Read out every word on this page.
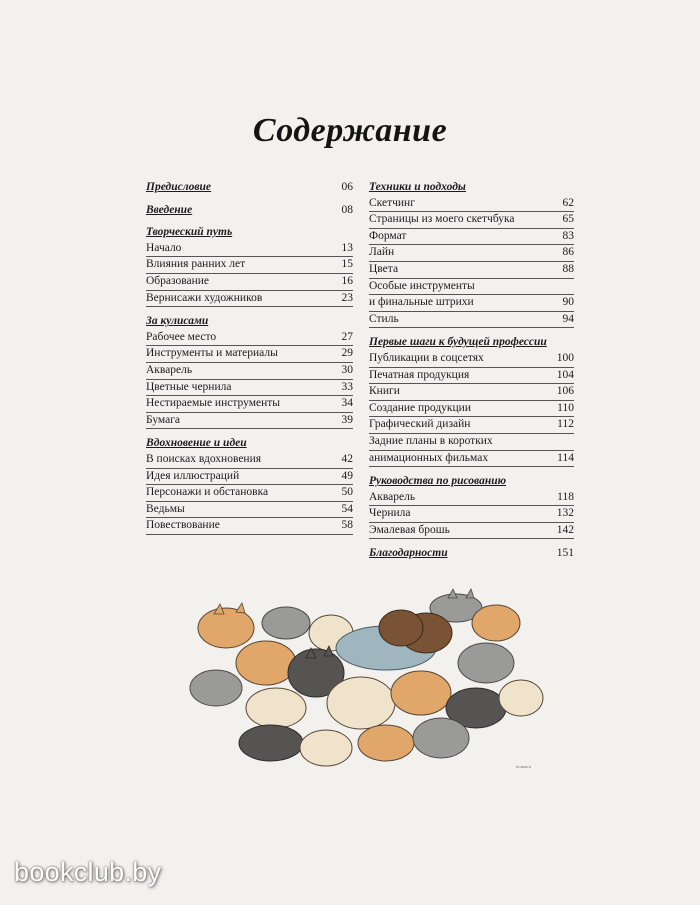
Содержание
Предисловие	06
Введение	08
Творческий путь
Начало	13
Влияния ранних лет	15
Образование	16
Вернисажи художников	23
За кулисами
Рабочее место	27
Инструменты и материалы	29
Акварель	30
Цветные чернила	33
Нестираемые инструменты	34
Бумага	39
Вдохновение и идеи
В поисках вдохновения	42
Идея иллюстраций	49
Персонажи и обстановка	50
Ведьмы	54
Повествование	58
Техники и подходы
Скетчинг	62
Страницы из моего скетчбука	65
Формат	83
Лайн	86
Цвета	88
Особые инструменты
и финальные штрихи	90
Стиль	94
Первые шаги к будущей профессии
Публикации в соцсетях	100
Печатная продукция	104
Книги	106
Создание продукции	110
Графический дизайн	112
Задние планы в коротких
анимационных фильмах	114
Руководства по рисованию
Акварель	118
Чернила	132
Эмалевая брошь	142
Благодарности	151
m.woo.s
bookclub.by
